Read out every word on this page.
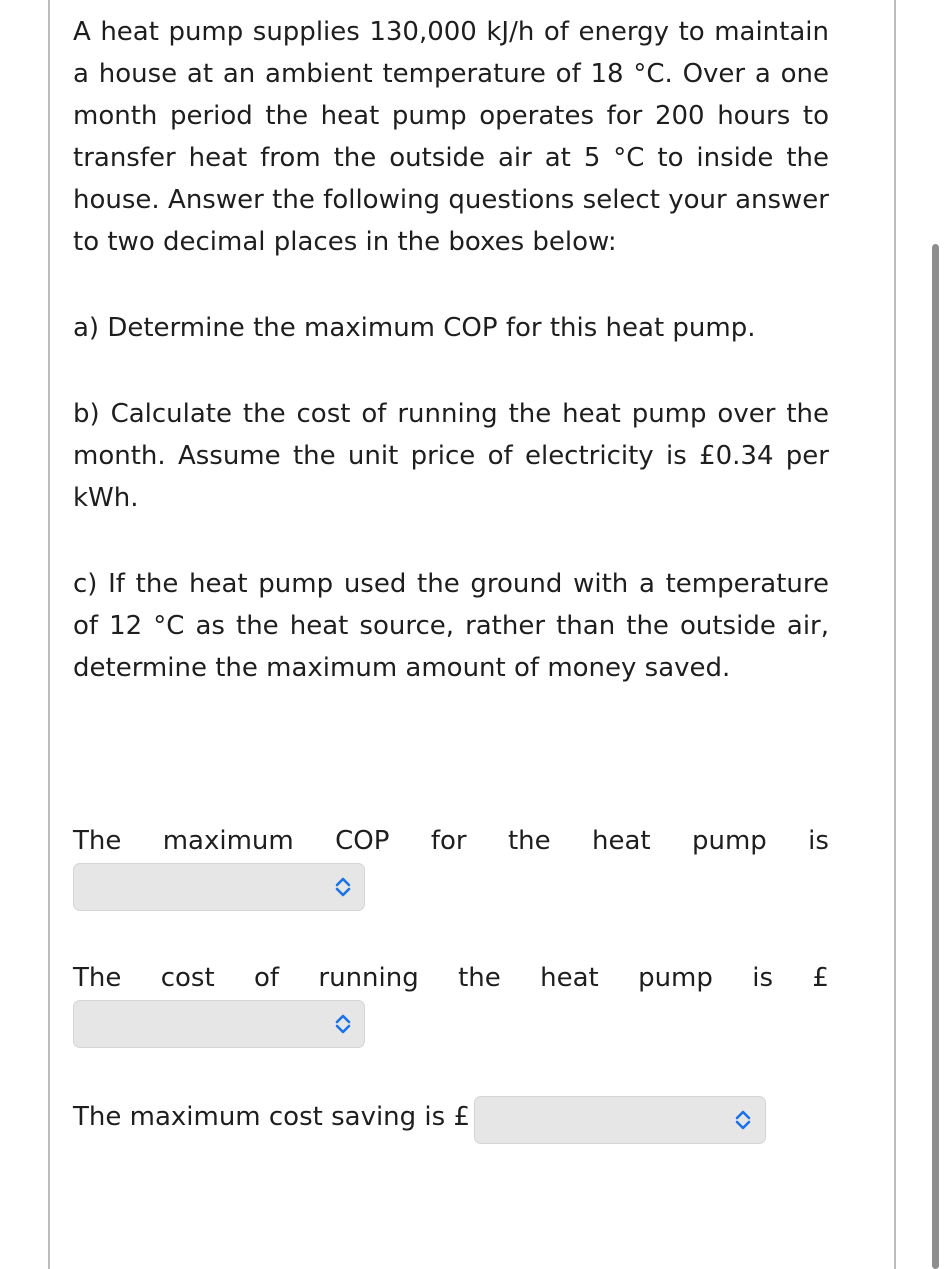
A heat pump supplies 130,000 kJ/h of energy to maintain a house at an ambient temperature of 18 °C. Over a one month period the heat pump operates for 200 hours to transfer heat from the outside air at 5 °C to inside the house. Answer the following questions select your answer to two decimal places in the boxes below:

a) Determine the maximum COP for this heat pump.

b) Calculate the cost of running the heat pump over the month. Assume the unit price of electricity is £0.34 per kWh.

c) If the heat pump used the ground with a temperature of 12 °C as the heat source, rather than the outside air, determine the maximum amount of money saved.

The maximum COP for the heat pump is
The cost of running the heat pump is £
The maximum cost saving is £
